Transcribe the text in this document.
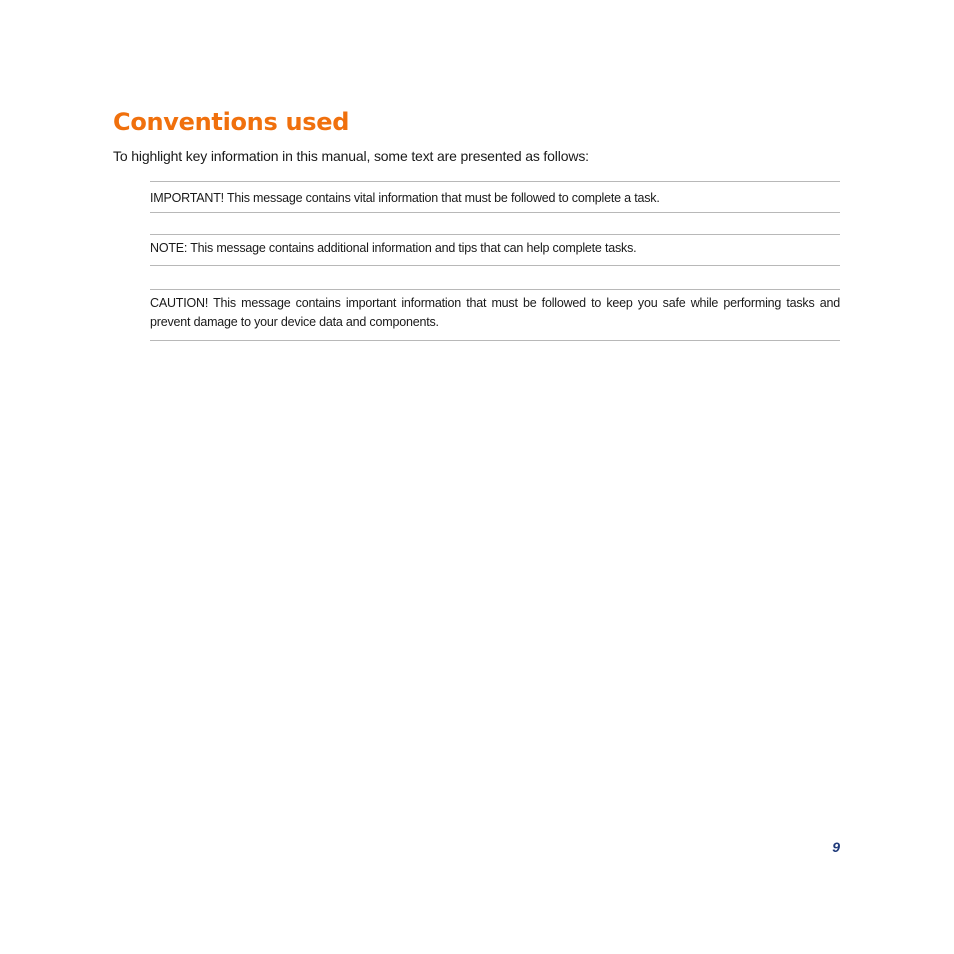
Conventions used

To highlight key information in this manual, some text are presented as follows:

IMPORTANT! This message contains vital information that must be followed to complete a task.

NOTE: This message contains additional information and tips that can help complete tasks.

CAUTION! This message contains important information that must be followed to keep you safe while performing tasks and prevent damage to your device data and components.

9
